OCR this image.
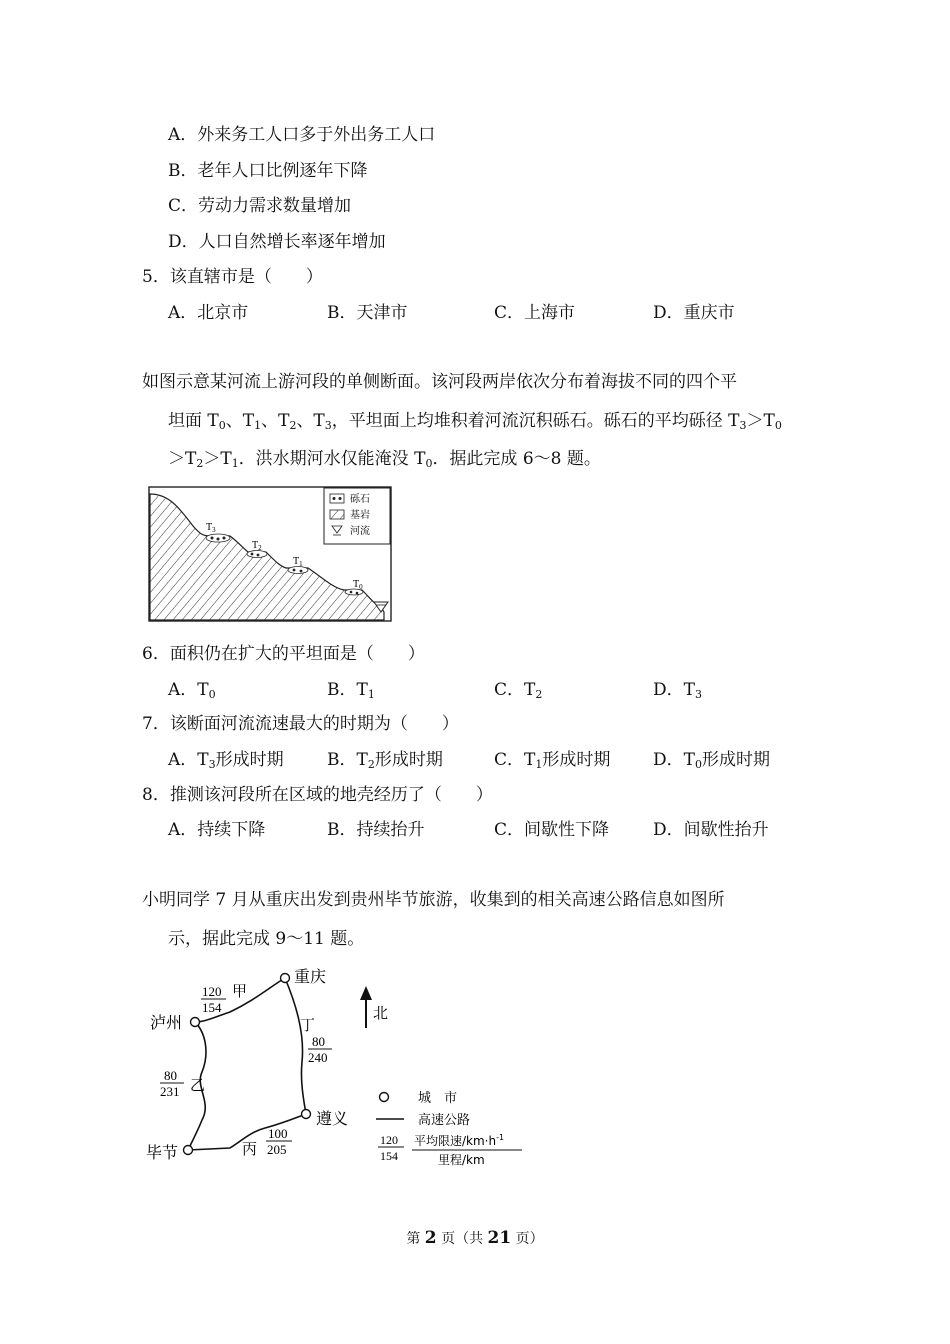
A．外来务工人口多于外出务工人口
B．老年人口比例逐年下降
C．劳动力需求数量增加
D．人口自然增长率逐年增加
5．该直辖市是（　　）
A．北京市	B．天津市	C．上海市	D．重庆市
如图示意某河流上游河段的单侧断面。该河段两岸依次分布着海拔不同的四个平
坦面 $T_0$、$T_1$、$T_2$、$T_3$，平坦面上均堆积着河流沉积砾石。砾石的平均砾径 $T_3>T_0$
$>T_2>T_1$．洪水期河水仅能淹没 $T_0$．据此完成 6～8 题。
$T_3$
$T_2$
$T_1$
$T_0$
砾石
基岩
河流
6．面积仍在扩大的平坦面是（　　）
A．$T_0$	B．$T_1$	C．$T_2$	D．$T_3$
7．该断面河流流速最大的时期为（　　）
A．$T_3$形成时期	B．$T_2$形成时期	C．$T_1$形成时期	D．$T_0$形成时期
8．推测该河段所在区域的地壳经历了（　　）
A．持续下降	B．持续抬升	C．间歇性下降	D．间歇性抬升
小明同学 7 月从重庆出发到贵州毕节旅游，收集到的相关高速公路信息如图所
示，据此完成 9～11 题。
重庆
泸州
遵义
毕节
甲
乙
丙
丁
120
154
80
240
80
231
100
205
北
城　市
高速公路
120
154
平均限速$/km\cdot h^{-1}$
里程/km
第 2 页（共 21 页）
